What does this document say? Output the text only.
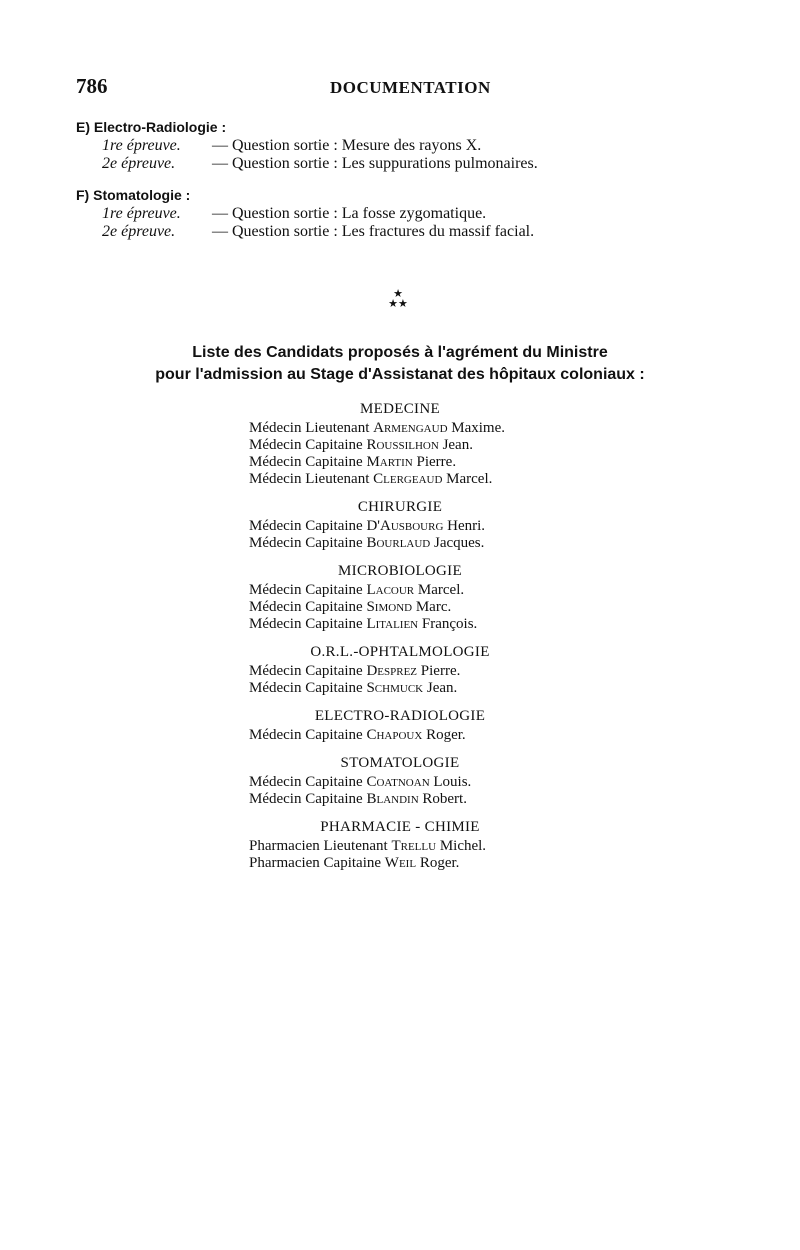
786	DOCUMENTATION
E) Electro-Radiologie :
1re épreuve. — Question sortie : Mesure des rayons X.
2e épreuve. — Question sortie : Les suppurations pulmonaires.
F) Stomatologie :
1re épreuve. — Question sortie : La fosse zygomatique.
2e épreuve. — Question sortie : Les fractures du massif facial.
★
★★
Liste des Candidats proposés à l'agrément du Ministre
pour l'admission au Stage d'Assistanat des hôpitaux coloniaux :
MEDECINE
Médecin Lieutenant Armengaud Maxime.
Médecin Capitaine Roussilhon Jean.
Médecin Capitaine Martin Pierre.
Médecin Lieutenant Clergeaud Marcel.
CHIRURGIE
Médecin Capitaine D'Ausbourg Henri.
Médecin Capitaine Bourlaud Jacques.
MICROBIOLOGIE
Médecin Capitaine Lacour Marcel.
Médecin Capitaine Simond Marc.
Médecin Capitaine Litalien François.
O.R.L.-OPHTALMOLOGIE
Médecin Capitaine Desprez Pierre.
Médecin Capitaine Schmuck Jean.
ELECTRO-RADIOLOGIE
Médecin Capitaine Chapoux Roger.
STOMATOLOGIE
Médecin Capitaine Coatnoan Louis.
Médecin Capitaine Blandin Robert.
PHARMACIE - CHIMIE
Pharmacien Lieutenant Trellu Michel.
Pharmacien Capitaine Weil Roger.
